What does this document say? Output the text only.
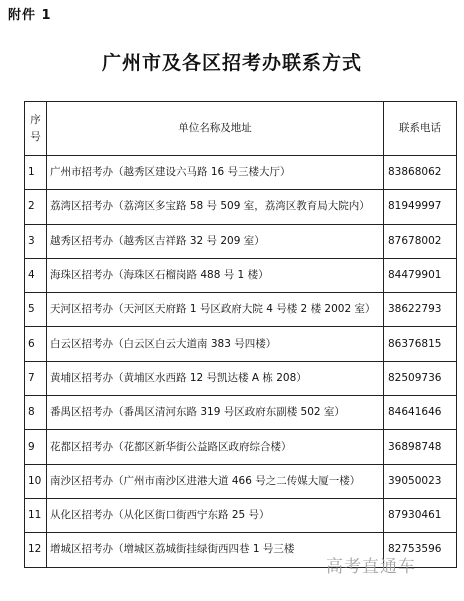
附件 1
广州市及各区招考办联系方式
序
号	单位名称及地址	联系电话
1	广州市招考办（越秀区建设六马路 16 号三楼大厅）	83868062
2	荔湾区招考办（荔湾区多宝路 58 号 509 室，荔湾区教育局大院内）	81949997
3	越秀区招考办（越秀区吉祥路 32 号 209 室）	87678002
4	海珠区招考办（海珠区石榴岗路 488 号 1 楼）	84479901
5	天河区招考办（天河区天府路 1 号区政府大院 4 号楼 2 楼 2002 室）	38622793
6	白云区招考办（白云区白云大道南 383 号四楼）	86376815
7	黄埔区招考办（黄埔区水西路 12 号凯达楼 A 栋 208）	82509736
8	番禺区招考办（番禺区清河东路 319 号区政府东副楼 502 室）	84641646
9	花都区招考办（花都区新华街公益路区政府综合楼）	36898748
10	南沙区招考办（广州市南沙区进港大道 466 号之二传媒大厦一楼）	39050023
11	从化区招考办（从化区街口街西宁东路 25 号）	87930461
12	增城区招考办（增城区荔城街挂绿街西四巷 1 号三楼	82753596
高考直通车
